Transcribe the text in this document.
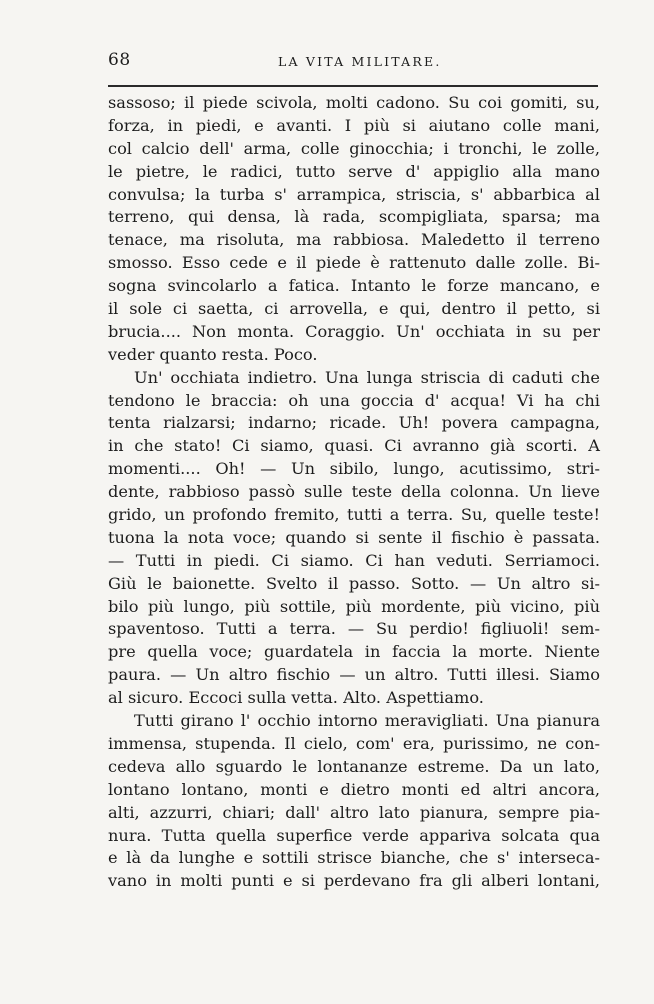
68	LA VITA MILITARE.
sassoso; il piede scivola, molti cadono. Su coi gomiti, su,
forza, in piedi, e avanti. I più si aiutano colle mani,
col calcio dell' arma, colle ginocchia; i tronchi, le zolle,
le pietre, le radici, tutto serve d' appiglio alla mano
convulsa; la turba s' arrampica, striscia, s' abbarbica al
terreno, qui densa, là rada, scompigliata, sparsa; ma
tenace, ma risoluta, ma rabbiosa. Maledetto il terreno
smosso. Esso cede e il piede è rattenuto dalle zolle. Bi-
sogna svincolarlo a fatica. Intanto le forze mancano, e
il sole ci saetta, ci arrovella, e qui, dentro il petto, si
brucia.... Non monta. Coraggio. Un' occhiata in su per
veder quanto resta. Poco.
Un' occhiata indietro. Una lunga striscia di caduti che
tendono le braccia: oh una goccia d' acqua! Vi ha chi
tenta rialzarsi; indarno; ricade. Uh! povera campagna,
in che stato! Ci siamo, quasi. Ci avranno già scorti. A
momenti.... Oh! — Un sibilo, lungo, acutissimo, stri-
dente, rabbioso passò sulle teste della colonna. Un lieve
grido, un profondo fremito, tutti a terra. Su, quelle teste!
tuona la nota voce; quando si sente il fischio è passata.
— Tutti in piedi. Ci siamo. Ci han veduti. Serriamoci.
Giù le baionette. Svelto il passo. Sotto. — Un altro si-
bilo più lungo, più sottile, più mordente, più vicino, più
spaventoso. Tutti a terra. — Su perdio! figliuoli! sem-
pre quella voce; guardatela in faccia la morte. Niente
paura. — Un altro fischio — un altro. Tutti illesi. Siamo
al sicuro. Eccoci sulla vetta. Alto. Aspettiamo.
Tutti girano l' occhio intorno meravigliati. Una pianura
immensa, stupenda. Il cielo, com' era, purissimo, ne con-
cedeva allo sguardo le lontananze estreme. Da un lato,
lontano lontano, monti e dietro monti ed altri ancora,
alti, azzurri, chiari; dall' altro lato pianura, sempre pia-
nura. Tutta quella superfice verde appariva solcata qua
e là da lunghe e sottili strisce bianche, che s' interseca-
vano in molti punti e si perdevano fra gli alberi lontani,
